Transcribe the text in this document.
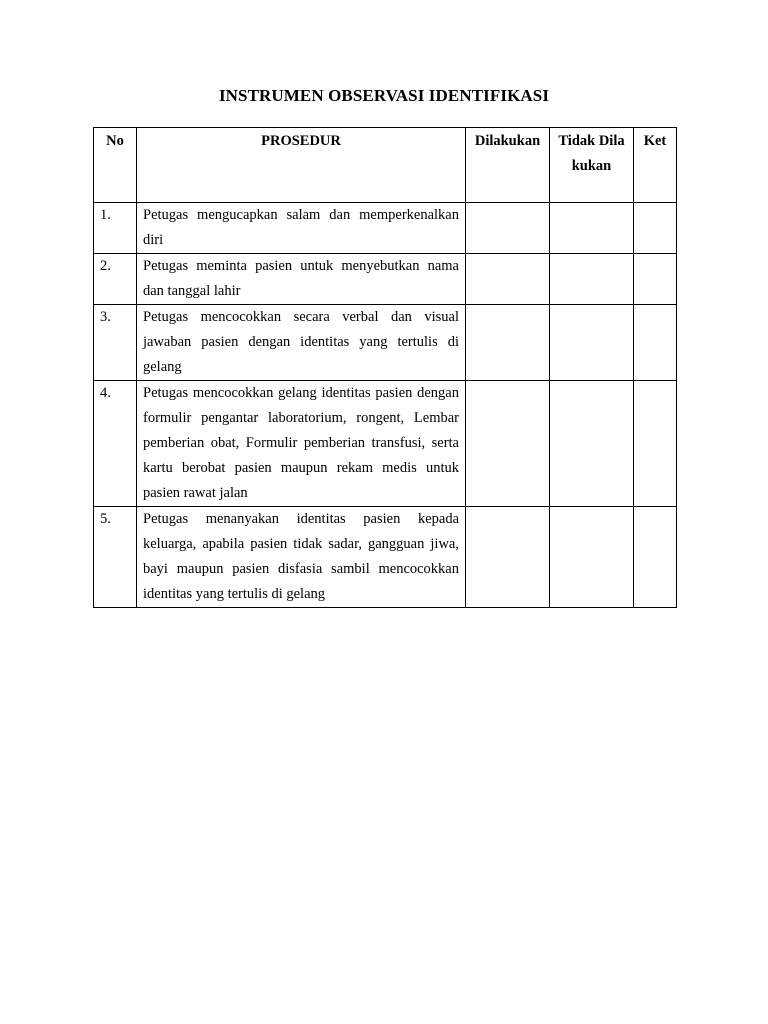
INSTRUMEN OBSERVASI IDENTIFIKASI
No	PROSEDUR	Dilakukan	Tidak Dilakukan	Ket
1.	Petugas mengucapkan salam dan memperkenalkan diri			
2.	Petugas meminta pasien untuk menyebutkan nama dan tanggal lahir			
3.	Petugas mencocokkan secara verbal dan visual jawaban pasien dengan identitas yang tertulis di gelang			
4.	Petugas mencocokkan gelang identitas pasien dengan formulir pengantar laboratorium, rongent, Lembar pemberian obat, Formulir pemberian transfusi, serta kartu berobat pasien maupun rekam medis untuk pasien rawat jalan			
5.	Petugas menanyakan identitas pasien kepada keluarga, apabila pasien tidak sadar, gangguan jiwa, bayi maupun pasien disfasia sambil mencocokkan identitas yang tertulis di gelang			
